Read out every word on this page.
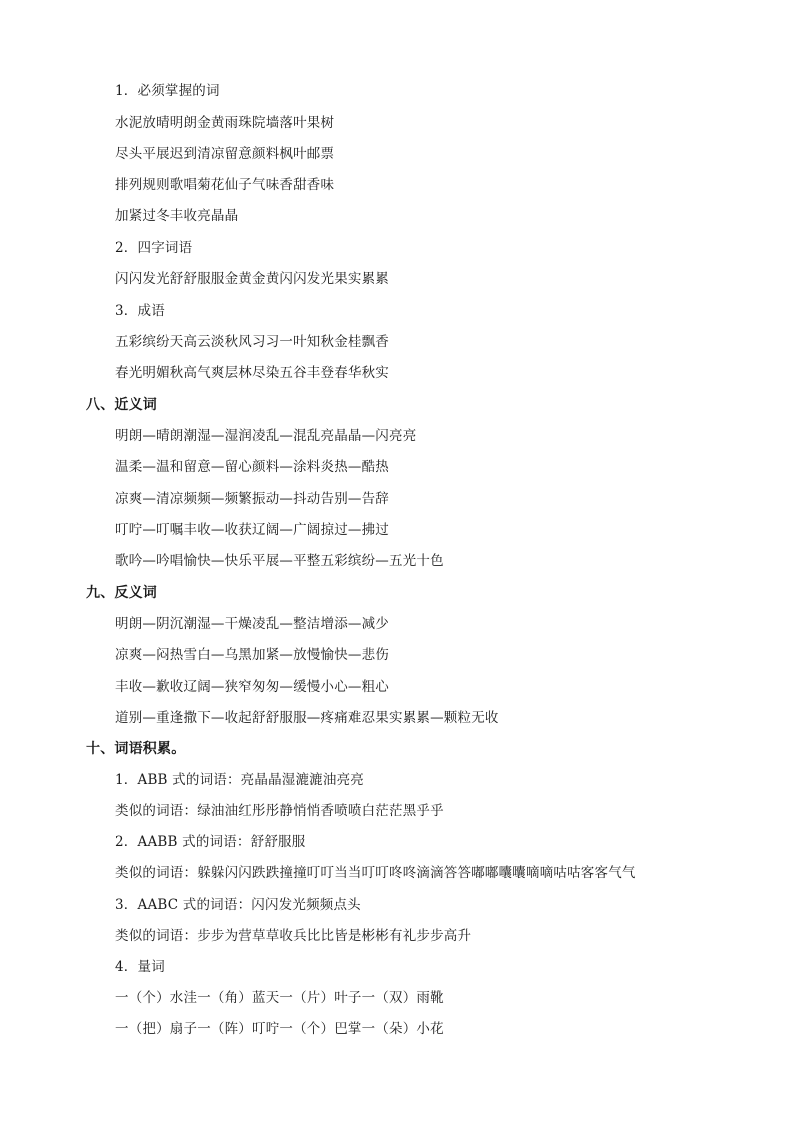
1．必须掌握的词
水泥放晴明朗金黄雨珠院墙落叶果树
尽头平展迟到清凉留意颜料枫叶邮票
排列规则歌唱菊花仙子气味香甜香味
加紧过冬丰收亮晶晶
2．四字词语
闪闪发光舒舒服服金黄金黄闪闪发光果实累累
3．成语
五彩缤纷天高云淡秋风习习一叶知秋金桂飘香
春光明媚秋高气爽层林尽染五谷丰登春华秋实
八、近义词
明朗—晴朗潮湿—湿润凌乱—混乱亮晶晶—闪亮亮
温柔—温和留意—留心颜料—涂料炎热—酷热
凉爽—清凉频频—频繁振动—抖动告别—告辞
叮咛—叮嘱丰收—收获辽阔—广阔掠过—拂过
歌吟—吟唱愉快—快乐平展—平整五彩缤纷—五光十色
九、反义词
明朗—阴沉潮湿—干燥凌乱—整洁增添—减少
凉爽—闷热雪白—乌黑加紧—放慢愉快—悲伤
丰收—歉收辽阔—狭窄匆匆—缓慢小心—粗心
道别—重逢撒下—收起舒舒服服—疼痛难忍果实累累—颗粒无收
十、词语积累。
1．ABB 式的词语：亮晶晶湿漉漉油亮亮
类似的词语：绿油油红彤彤静悄悄香喷喷白茫茫黑乎乎
2．AABB 式的词语：舒舒服服
类似的词语：躲躲闪闪跌跌撞撞叮叮当当叮叮咚咚滴滴答答嘟嘟囔囔嘀嘀咕咕客客气气
3．AABC 式的词语：闪闪发光频频点头
类似的词语：步步为营草草收兵比比皆是彬彬有礼步步高升
4．量词
一（个）水洼一（角）蓝天一（片）叶子一（双）雨靴
一（把）扇子一（阵）叮咛一（个）巴掌一（朵）小花
